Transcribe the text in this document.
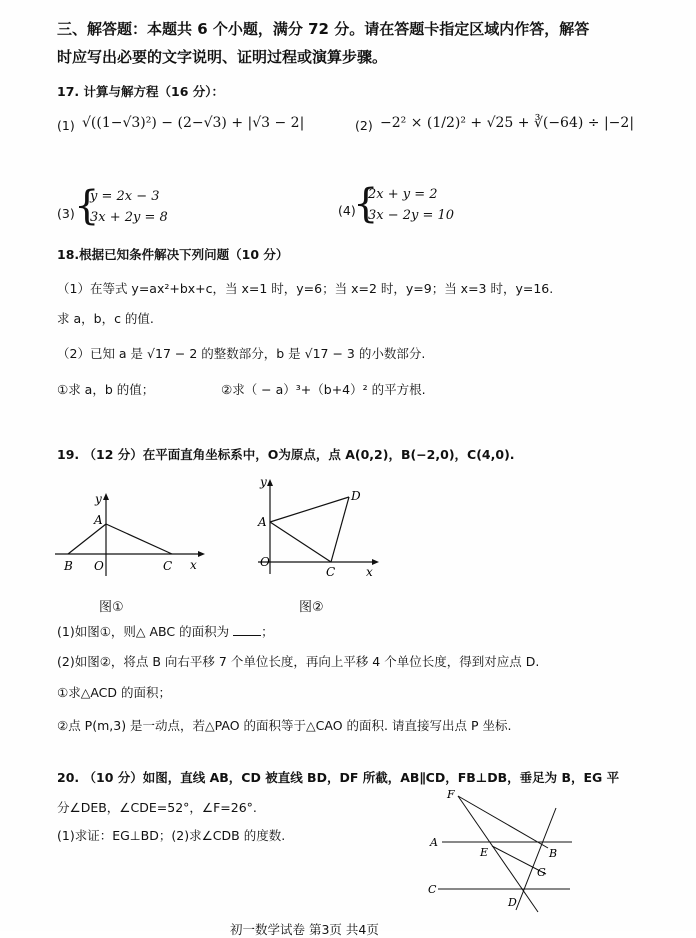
三、解答题：本题共 6 个小题，满分 72 分。请在答题卡指定区域内作答，解答
时应写出必要的文字说明、证明过程或演算步骤。
17. 计算与解方程（16 分）：
(1) √((1−√3)²) − (2−√3) + |√3 − 2|	(2) −2² × (1/2)² + √25 + ∛(−64) ÷ |−2|
(3) {
y = 2x − 3
3x + 2y = 8	(4)
{
2x + y = 2
3x − 2y = 10
18.根据已知条件解决下列问题（10 分）
（1）在等式 y=ax²+bx+c，当 x=1 时，y=6；当 x=2 时，y=9；当 x=3 时，y=16.
求 a，b，c 的值.
（2）已知 a 是 √17 − 2 的整数部分，b 是 √17 − 3 的小数部分.
①求 a，b 的值；	②求（ − a）³+（b+4）² 的平方根.
19. （12 分）在平面直角坐标系中，O为原点，点 A(0,2)，B(−2,0)，C(4,0).
y
A
B O	C x
图①
y
A
D
O
C	x
图②
(1)如图①，则△ ABC 的面积为	；
(2)如图②，将点 B 向右平移 7 个单位长度，再向上平移 4 个单位长度，得到对应点 D.
①求△ACD 的面积；
②点 P(m,3) 是一动点，若△PAO 的面积等于△CAO 的面积. 请直接写出点 P 坐标.
20. （10 分）如图，直线 AB，CD 被直线 BD，DF 所截，AB∥CD，FB⊥DB，垂足为 B，EG 平
分∠DEB，∠CDE=52°，∠F=26°.
(1)求证：EG⊥BD；(2)求∠CDB 的度数.
F
A
E	B
G
C
D
初一数学试卷 第3页 共4页
